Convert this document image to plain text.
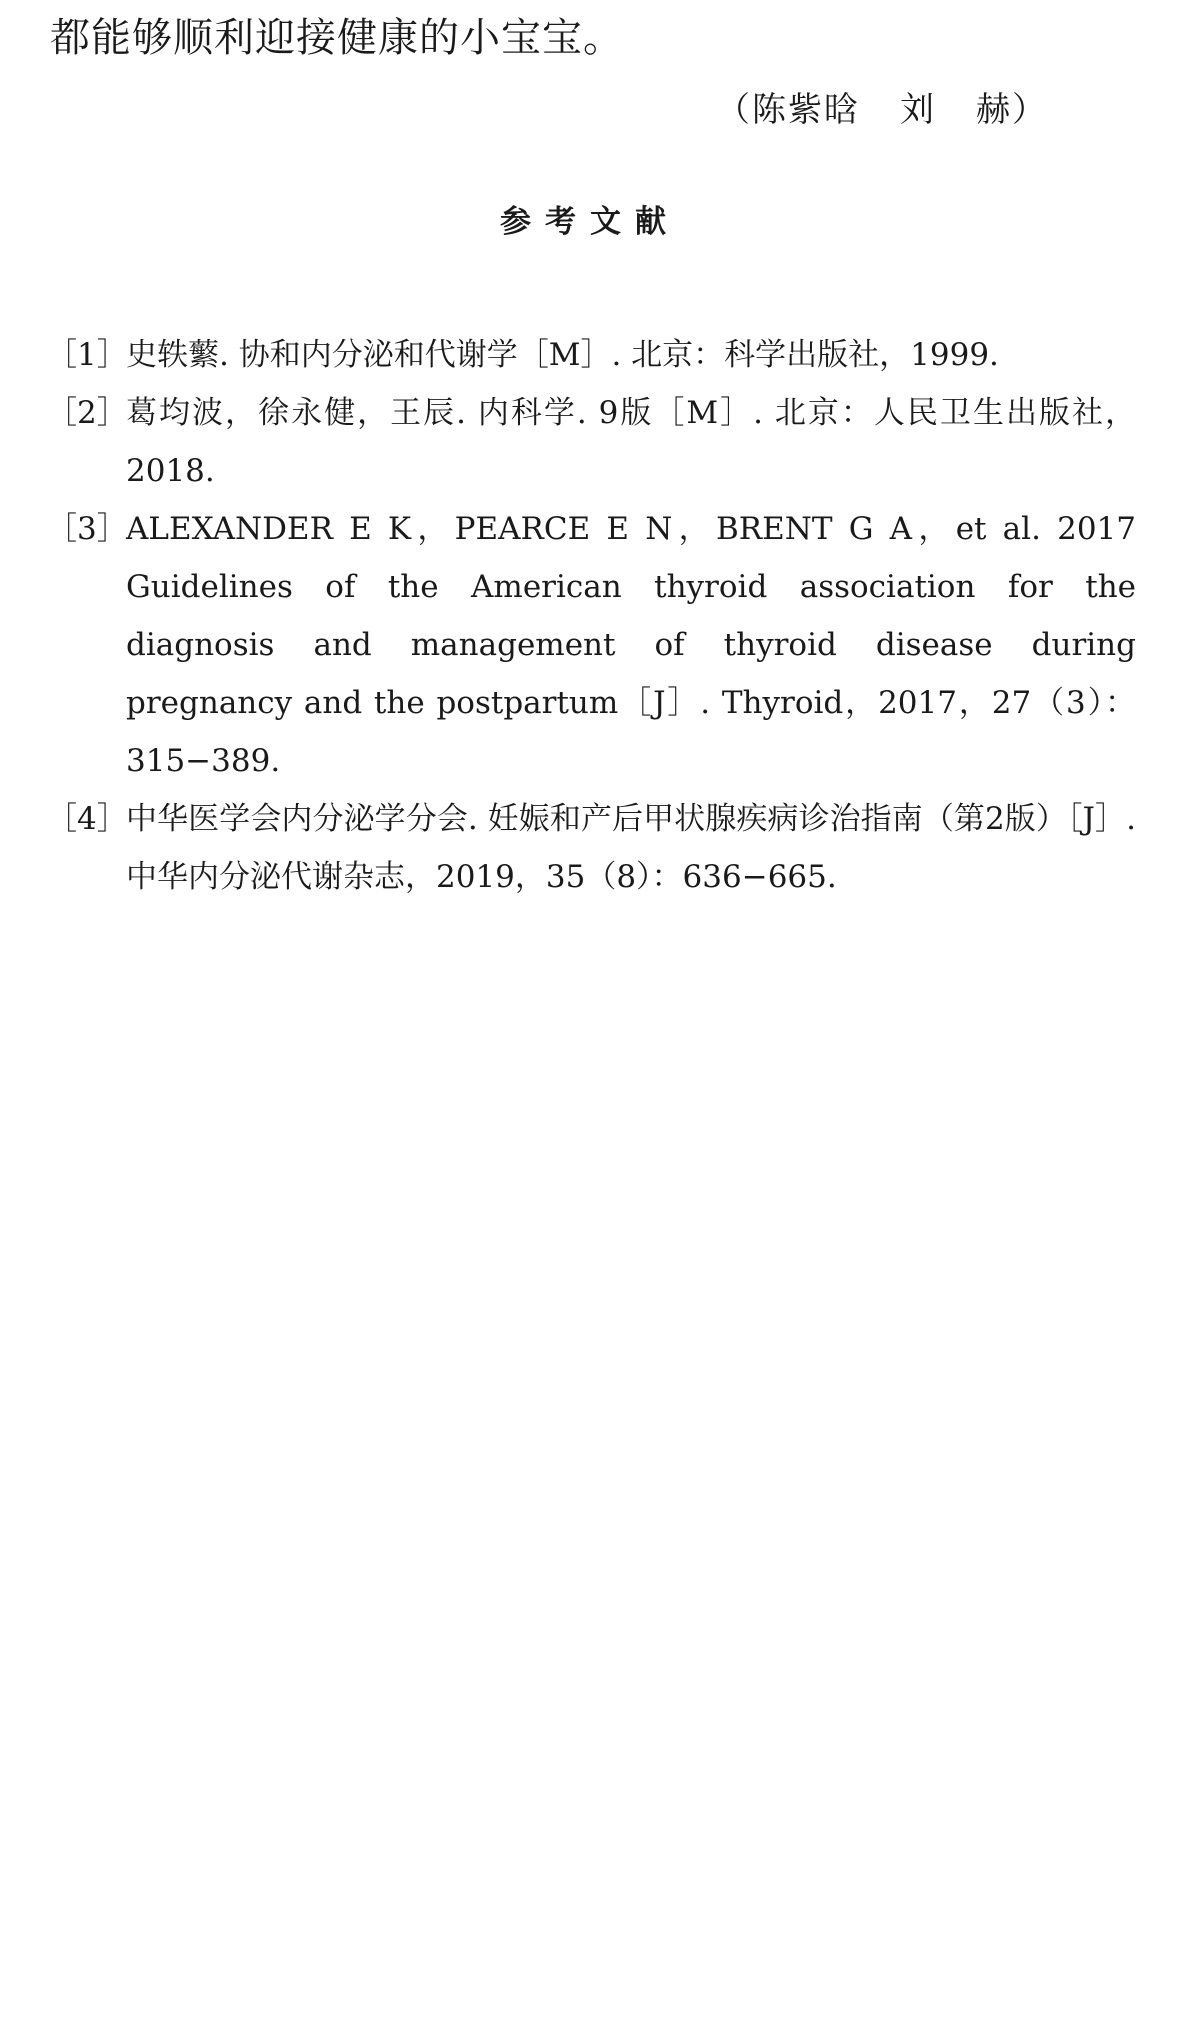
都能够顺利迎接健康的小宝宝。
（陈紫晗 刘 赫）
参考文献
［1］
史轶蘩. 协和内分泌和代谢学［M］. 北京：科学出版社，1999.
［2］
葛均波，徐永健，王辰. 内科学. 9版［M］. 北京：人民卫生出版社，2018.
［3］
ALEXANDER E K，PEARCE E N，BRENT G A，et al. 2017 Guidelines of the American thyroid association for the diagnosis and management of thyroid disease during pregnancy and the postpartum［J］. Thyroid，2017，27（3）：315−389.
［4］
中华医学会内分泌学分会. 妊娠和产后甲状腺疾病诊治指南（第2版）［J］. 中华内分泌代谢杂志，2019，35（8）：636−665.
